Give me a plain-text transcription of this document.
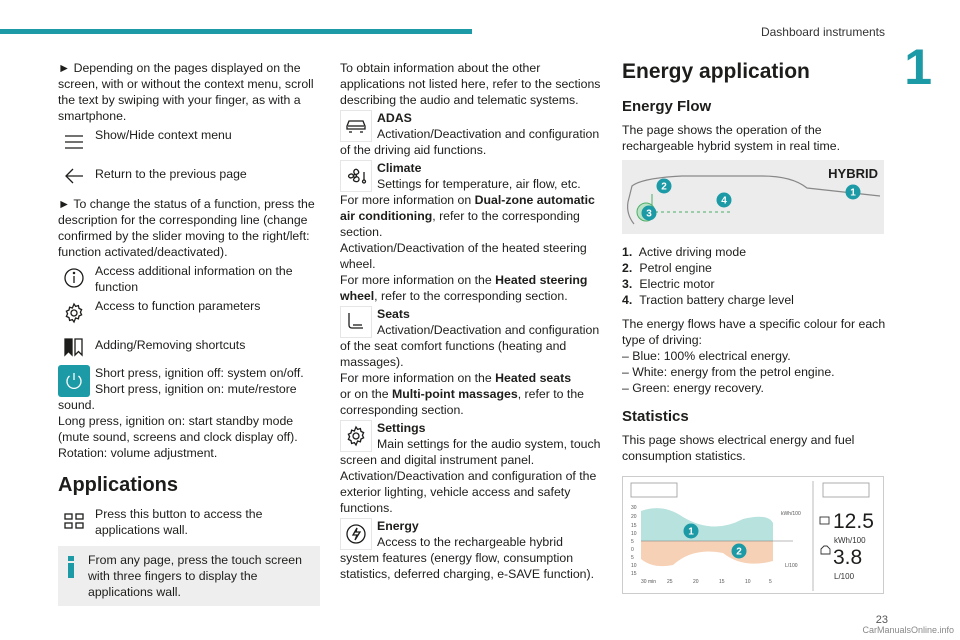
Dashboard instruments
1

► Depending on the pages displayed on the screen, with or without the context menu, scroll the text by swiping with your finger, as with a smartphone.

Show/Hide context menu
Return to the previous page

► To change the status of a function, press the description for the corresponding line (change confirmed by the slider moving to the right/left: function activated/deactivated).

Access additional information on the function
Access to function parameters
Adding/Removing shortcuts
Short press, ignition off: system on/off.
Short press, ignition on: mute/restore sound.
Long press, ignition on: start standby mode (mute sound, screens and clock display off).
Rotation: volume adjustment.
Applications
Press this button to access the applications wall.
From any page, press the touch screen with three fingers to display the applications wall.

To obtain information about the other applications not listed here, refer to the sections describing the audio and telematic systems.

ADAS
Activation/Deactivation and configuration of the driving aid functions.
Climate
Settings for temperature, air flow, etc.
For more information on Dual-zone automatic air conditioning, refer to the corresponding section.
Activation/Deactivation of the heated steering wheel.
For more information on the Heated steering wheel, refer to the corresponding section.
Seats
Activation/Deactivation and configuration of the seat comfort functions (heating and massages).
For more information on the Heated seats
or on the Multi-point massages, refer to the corresponding section.
Settings
Main settings for the audio system, touch screen and digital instrument panel.
Activation/Deactivation and configuration of the exterior lighting, vehicle access and safety functions.
Energy
Access to the rechargeable hybrid system features (energy flow, consumption statistics, deferred charging, e-SAVE function).
Energy application
Energy Flow

The page shows the operation of the rechargeable hybrid system in real time.

HYBRID
1
2
3
4
1. Active driving mode
2. Petrol engine
3. Electric motor
4. Traction battery charge level

The energy flows have a specific colour for each type of driving:

– Blue: 100% electrical energy.

– White: energy from the petrol engine.

– Green: energy recovery.

Statistics

This page shows electrical energy and fuel consumption statistics.

30
20
15
10
5
0
5
10
15
30 min 25	20	15	10	5
kWh/100
L/100
1
2
12.5
kWh/100
3.8
L/100
23
CarManualsOnline.info
